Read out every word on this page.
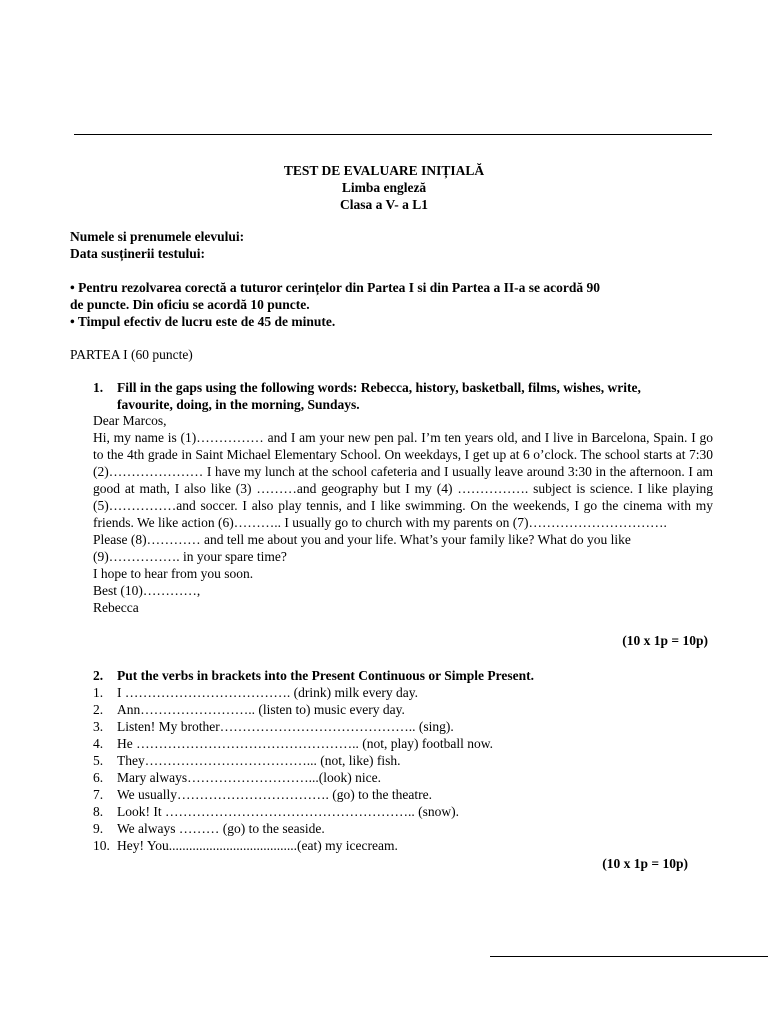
TEST DE EVALUARE INIȚIALĂ
Limba engleză
Clasa a V- a L1
Numele si prenumele elevului:
Data susținerii testului:
• Pentru rezolvarea corectă a tuturor cerințelor din Partea I si din Partea a II-a se acordă 90
de puncte. Din oficiu se acordă 10 puncte.
• Timpul efectiv de lucru este de 45 de minute.
PARTEA I (60 puncte)
1. Fill in the gaps using the following words: Rebecca, history, basketball, films, wishes, write, favourite, doing, in the morning, Sundays.
Dear Marcos,
Hi, my name is (1)…………… and I am your new pen pal. I’m ten years old, and I live in Barcelona, Spain. I go to the 4th grade in Saint Michael Elementary School. On weekdays, I get up at 6 o’clock. The school starts at 7:30 (2)………………… I have my lunch at the school cafeteria and I usually leave around 3:30 in the afternoon. I am good at math, I also like (3) ………and geography but I my (4) ……………. subject is science. I like playing (5)……………and soccer. I also play tennis, and I like swimming. On the weekends, I go the cinema with my friends. We like action (6)……….. I usually go to church with my parents on (7)………………………….
Please (8)………… and tell me about you and your life. What’s your family like? What do you like (9)……………. in your spare time?
I hope to hear from you soon.
Best (10)…………,
Rebecca
(10 x 1p = 10p)
2. Put the verbs in brackets into the Present Continuous or Simple Present.
1. I ………………………………. (drink) milk every day.
2. Ann…………………….. (listen to) music every day.
3. Listen! My brother…………………………………….. (sing).
4. He ………………………………………….. (not, play) football now.
5. They………………………………... (not, like) fish.
6. Mary always………………………...(look) nice.
7. We usually……………………………. (go) to the theatre.
8. Look! It ……………………………………………….. (snow).
9. We always ……… (go) to the seaside.
10. Hey! You......................................(eat) my icecream.
(10 x 1p = 10p)
